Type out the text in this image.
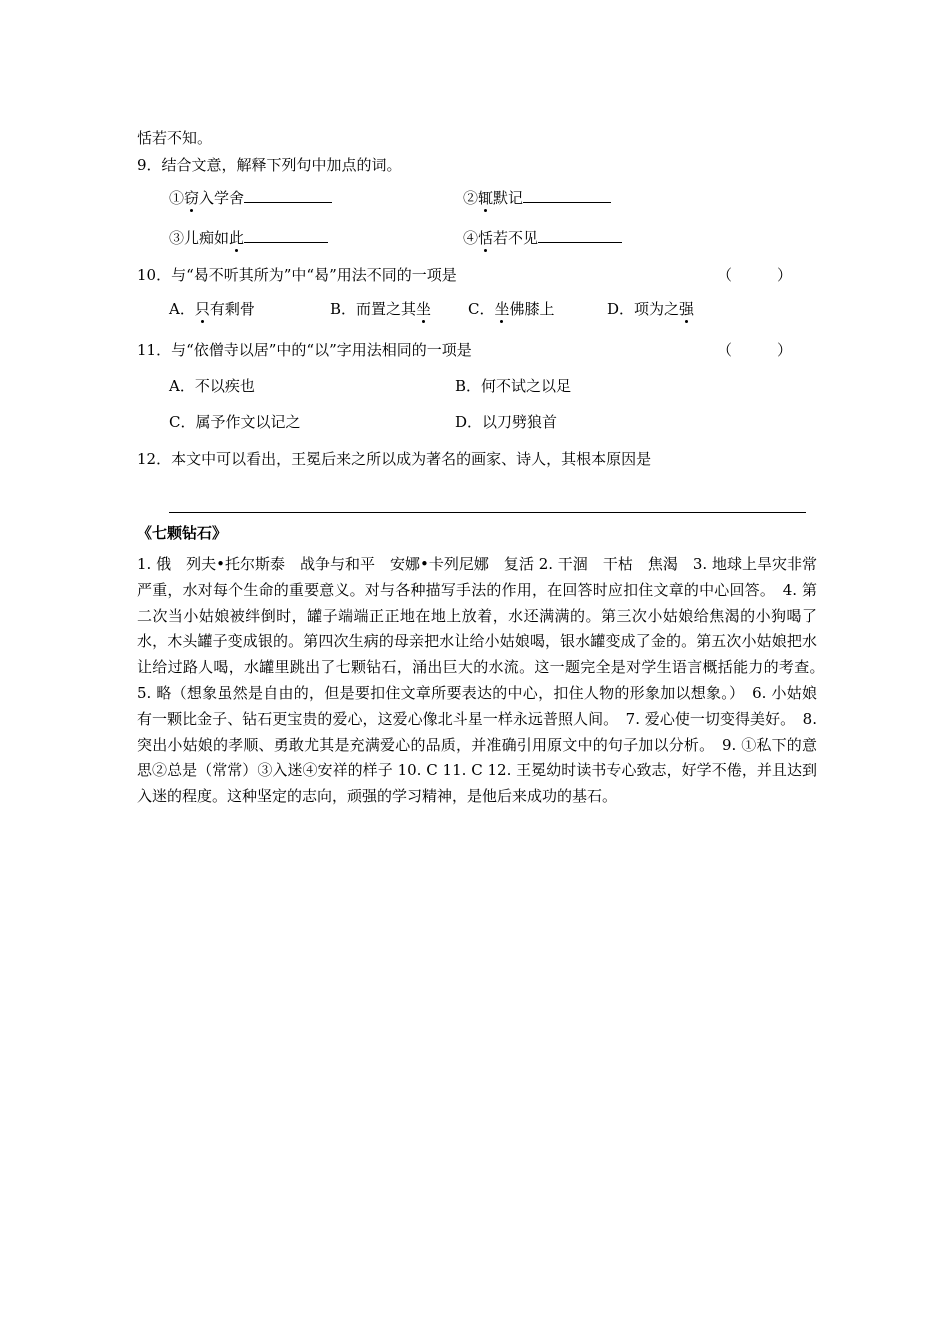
恬若不知。
9．结合文意，解释下列句中加点的词。
①窃入学舍	②辄默记
③儿痴如此	④恬若不见
10．与“曷不听其所为”中“曷”用法不同的一项是	（　　　）
A．只有剩骨	B．而置之其坐 C．坐佛膝上	D．项为之强
11．与“依僧寺以居”中的“以”字用法相同的一项是	（　　　）
A．不以疾也	B．何不试之以足
C．属予作文以记之	D．以刀劈狼首
12．本文中可以看出，王冕后来之所以成为著名的画家、诗人，其根本原因是
《七颗钻石》
1. 俄　列夫•托尔斯泰　战争与和平　安娜•卡列尼娜　复活 2. 干涸　干枯　焦渴　3. 地球上旱灾非常严重，水对每个生命的重要意义。对与各种描写手法的作用，在回答时应扣住文章的中心回答。　4. 第二次当小姑娘被绊倒时，罐子端端正正地在地上放着，水还满满的。第三次小姑娘给焦渴的小狗喝了水，木头罐子变成银的。第四次生病的母亲把水让给小姑娘喝，银水罐变成了金的。第五次小姑娘把水让给过路人喝，水罐里跳出了七颗钻石，涌出巨大的水流。这一题完全是对学生语言概括能力的考查。　5. 略（想象虽然是自由的，但是要扣住文章所要表达的中心，扣住人物的形象加以想象。）　6. 小姑娘有一颗比金子、钻石更宝贵的爱心，这爱心像北斗星一样永远普照人间。　7. 爱心使一切变得美好。　8. 突出小姑娘的孝顺、勇敢尤其是充满爱心的品质，并准确引用原文中的句子加以分析。　9. ①私下的意思②总是（常常）③入迷④安祥的样子 10. C 11. C 12. 王冕幼时读书专心致志，好学不倦，并且达到入迷的程度。这种坚定的志向，顽强的学习精神，是他后来成功的基石。
